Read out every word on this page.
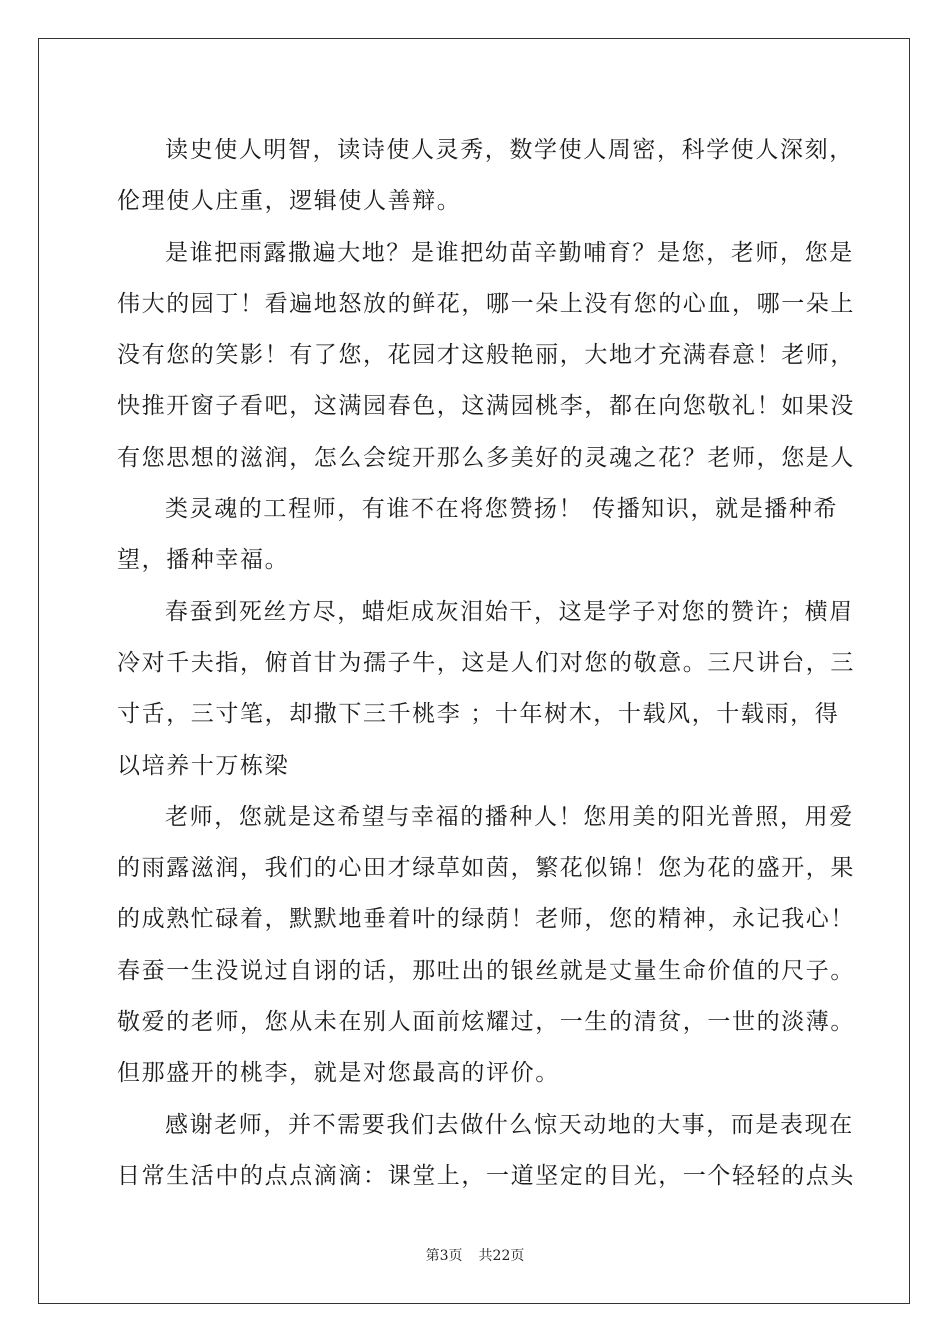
读史使人明智，读诗使人灵秀，数学使人周密，科学使人深刻，
伦理使人庄重，逻辑使人善辩。
是谁把雨露撒遍大地？是谁把幼苗辛勤哺育？是您，老师，您是
伟大的园丁！看遍地怒放的鲜花，哪一朵上没有您的心血，哪一朵上
没有您的笑影！有了您，花园才这般艳丽，大地才充满春意！老师，
快推开窗子看吧，这满园春色，这满园桃李，都在向您敬礼！如果没
有您思想的滋润，怎么会绽开那么多美好的灵魂之花？老师，您是人
类灵魂的工程师，有谁不在将您赞扬！ 传播知识，就是播种希
望，播种幸福。
春蚕到死丝方尽，蜡炬成灰泪始干，这是学子对您的赞许；横眉
冷对千夫指，俯首甘为孺子牛，这是人们对您的敬意。三尺讲台，三
寸舌，三寸笔，却撒下三千桃李 ；十年树木，十载风，十载雨，得
以培养十万栋梁
老师，您就是这希望与幸福的播种人！您用美的阳光普照，用爱
的雨露滋润，我们的心田才绿草如茵，繁花似锦！您为花的盛开，果
的成熟忙碌着，默默地垂着叶的绿荫！老师，您的精神，永记我心！
春蚕一生没说过自诩的话，那吐出的银丝就是丈量生命价值的尺子。
敬爱的老师，您从未在别人面前炫耀过，一生的清贫，一世的淡薄。
但那盛开的桃李，就是对您最高的评价。
感谢老师，并不需要我们去做什么惊天动地的大事，而是表现在
日常生活中的点点滴滴：课堂上，一道坚定的目光，一个轻轻的点头
第3页 共22页
